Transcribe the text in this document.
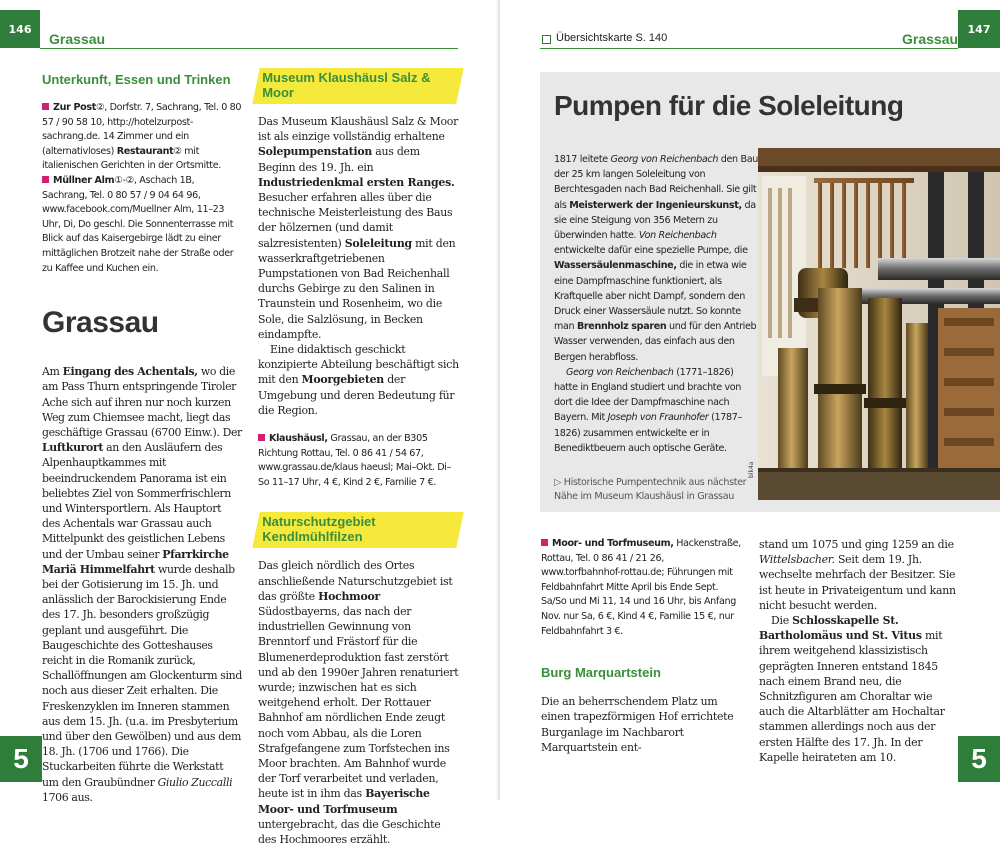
146
Grassau
Unterkunft, Essen und Trinken

Zur Post②, Dorfstr. 7, Sachrang, Tel. 0 80 57 / 90 58 10, http://hotelzurpost-sachrang.de. 14 Zimmer und ein (alternativloses) Restaurant② mit italienischen Gerichten in der Ortsmitte.

Müllner Alm①-②, Aschach 1B, Sachrang, Tel. 0 80 57 / 9 04 64 96, www.facebook.com/Muellner Alm, 11–23 Uhr, Di, Do geschl. Die Sonnenterrasse mit Blick auf das Kaisergebirge lädt zu einer mittäglichen Brotzeit nahe der Straße oder zu Kaffee und Kuchen ein.

Grassau

Am Eingang des Achentals, wo die am Pass Thurn entspringende Tiroler Ache sich auf ihren nur noch kurzen Weg zum Chiemsee macht, liegt das geschäftige Grassau (6700 Einw.). Der Luftkurort an den Ausläufern des Alpenhauptkammes mit beeindruckendem Panorama ist ein beliebtes Ziel von Sommerfrischlern und Wintersportlern. Als Hauptort des Achentals war Grassau auch Mittelpunkt des geistlichen Lebens und der Umbau seiner Pfarrkirche Mariä Himmelfahrt wurde deshalb bei der Gotisierung im 15. Jh. und anlässlich der Barockisierung Ende des 17. Jh. besonders großzügig geplant und ausgeführt. Die Baugeschichte des Gotteshauses reicht in die Romanik zurück, Schallöffnungen am Glockenturm sind noch aus dieser Zeit erhalten. Die Freskenzyklen im Inneren stammen aus dem 15. Jh. (u.a. im Presbyterium und über den Gewölben) und aus dem 18. Jh. (1706 und 1766). Die Stuckarbeiten führte die Werkstatt um den Graubündner Giulio Zuccalli 1706 aus.

Museum Klaushäusl Salz & Moor

Das Museum Klaushäusl Salz & Moor ist als einzige vollständig erhaltene Solepumpenstation aus dem Beginn des 19. Jh. ein Industriedenkmal ersten Ranges. Besucher erfahren alles über die technische Meisterleistung des Baus der hölzernen (und damit salzresistenten) Soleleitung mit den wasserkraftgetriebenen Pumpstationen von Bad Reichenhall durchs Gebirge zu den Salinen in Traunstein und Rosenheim, wo die Sole, die Salzlösung, in Becken eindampfte.

Eine didaktisch geschickt konzipierte Abteilung beschäftigt sich mit den Moorgebieten der Umgebung und deren Bedeutung für die Region.

Klaushäusl, Grassau, an der B305 Richtung Rottau, Tel. 0 86 41 / 54 67, www.grassau.de/klaus haeusl; Mai–Okt. Di–So 11–17 Uhr, 4 €, Kind 2 €, Familie 7 €.

Naturschutzgebiet Kendlmühlfilzen

Das gleich nördlich des Ortes anschließende Naturschutzgebiet ist das größte Hochmoor Südostbayerns, das nach der industriellen Gewinnung von Brenntorf und Frästorf für die Blumenerdeproduktion fast zerstört und ab den 1990er Jahren renaturiert wurde; inzwischen hat es sich weitgehend erholt. Der Rottauer Bahnhof am nördlichen Ende zeugt noch vom Abbau, als die Loren Strafgefangene zum Torfstechen ins Moor brachten. Am Bahnhof wurde der Torf verarbeitet und verladen, heute ist in ihm das Bayerische Moor- und Torfmuseum untergebracht, das die Geschichte des Hochmoores erzählt.

5
Übersichtskarte S. 140	Grassau
147
Pumpen für die Soleleitung

1817 leitete Georg von Reichenbach den Bau der 25 km langen Soleleitung von Berchtesgaden nach Bad Reichenhall. Sie gilt als Meisterwerk der Ingenieurskunst, da sie eine Steigung von 356 Metern zu überwinden hatte. Von Reichenbach entwickelte dafür eine spezielle Pumpe, die Wassersäulenmaschine, die in etwa wie eine Dampfmaschine funktioniert, als Kraftquelle aber nicht Dampf, sondern den Druck einer Wassersäule nutzt. So konnte man Brennholz sparen und für den Antrieb Wasser verwenden, das einfach aus den Bergen herabfloss.

Georg von Reichenbach (1771–1826) hatte in England studiert und brachte von dort die Idee der Dampfmaschine nach Bayern. Mit Joseph von Fraunhofer (1787–1826) zusammen entwickelte er in Benediktbeuern auch optische Geräte.

▷ Historische Pumpentechnik aus nächster Nähe im Museum Klaushäusl in Grassau
blk4a

Moor- und Torfmuseum, Hackenstraße, Rottau, Tel. 0 86 41 / 21 26, www.torfbahnhof-rottau.de; Führungen mit Feldbahnfahrt Mitte April bis Ende Sept. Sa/So und Mi 11, 14 und 16 Uhr, bis Anfang Nov. nur Sa, 6 €, Kind 4 €, Familie 15 €, nur Feldbahnfahrt 3 €.

Burg Marquartstein

Die an beherrschendem Platz um einen trapezförmigen Hof errichtete Burganlage im Nachbarort Marquartstein ent-

stand um 1075 und ging 1259 an die Wittelsbacher. Seit dem 19. Jh. wechselte mehrfach der Besitzer. Sie ist heute in Privateigentum und kann nicht besucht werden.

Die Schlosskapelle St. Bartholomäus und St. Vitus mit ihrem weitgehend klassizistisch geprägten Inneren entstand 1845 nach einem Brand neu, die Schnitzfiguren am Choraltar wie auch die Altarblätter am Hochaltar stammen allerdings noch aus der ersten Hälfte des 17. Jh. In der Kapelle heirateten am 10.	5
